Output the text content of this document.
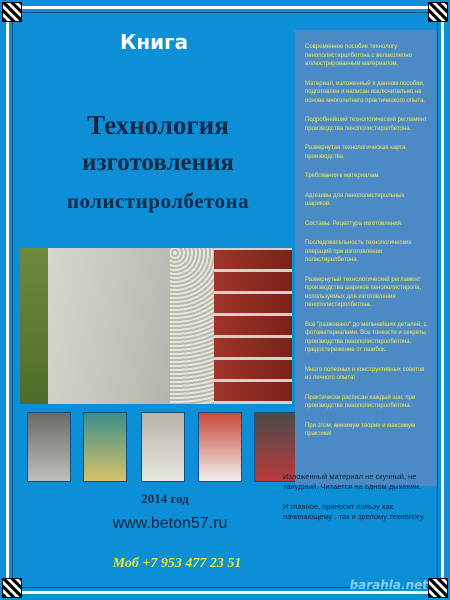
Книга
Технология
изготовления
полистиролбетона
2014 год
www.beton57.ru
Моб +7 953 477 23 51

Современное пособие технологу пенополистиролбетона с великолепно иллюстрированным материалом.

Материал, изложенный в данном пособии, подготовлен и написан исключительно на основе многолетнего практического опыта.

Подробнейший технологический регламент производства пенополистиролбетона.

Развернутая технологическая карта производства.

Требования к материалам.

Адгезивы для пенополистирольных шариков.

Составы. Рецептура изготовления.

Последовательность технологических операций при изготовлении полистиролбетона.

Развернутый технологический регламент производства шариков пенополистирола, используемых для изготовления пенополистиролбетона.

Все "разжевано" до мельчайших деталей, с фотоматериалами. Все тонкости и секреты производства пенополистиролбетона, предостережение от ошибок.

Много полезных и конструктивных советов из личного опыта!

Практически расписан каждый шаг, при производстве пенополистиролбетона.

При этом, минимум теории и максимум практики!

Изложенный материал не скучный, не занудный. Читается на одном дыхании.

И главное, приносит пользу как начинающему , так и зрелому технологу.

barahla.net
